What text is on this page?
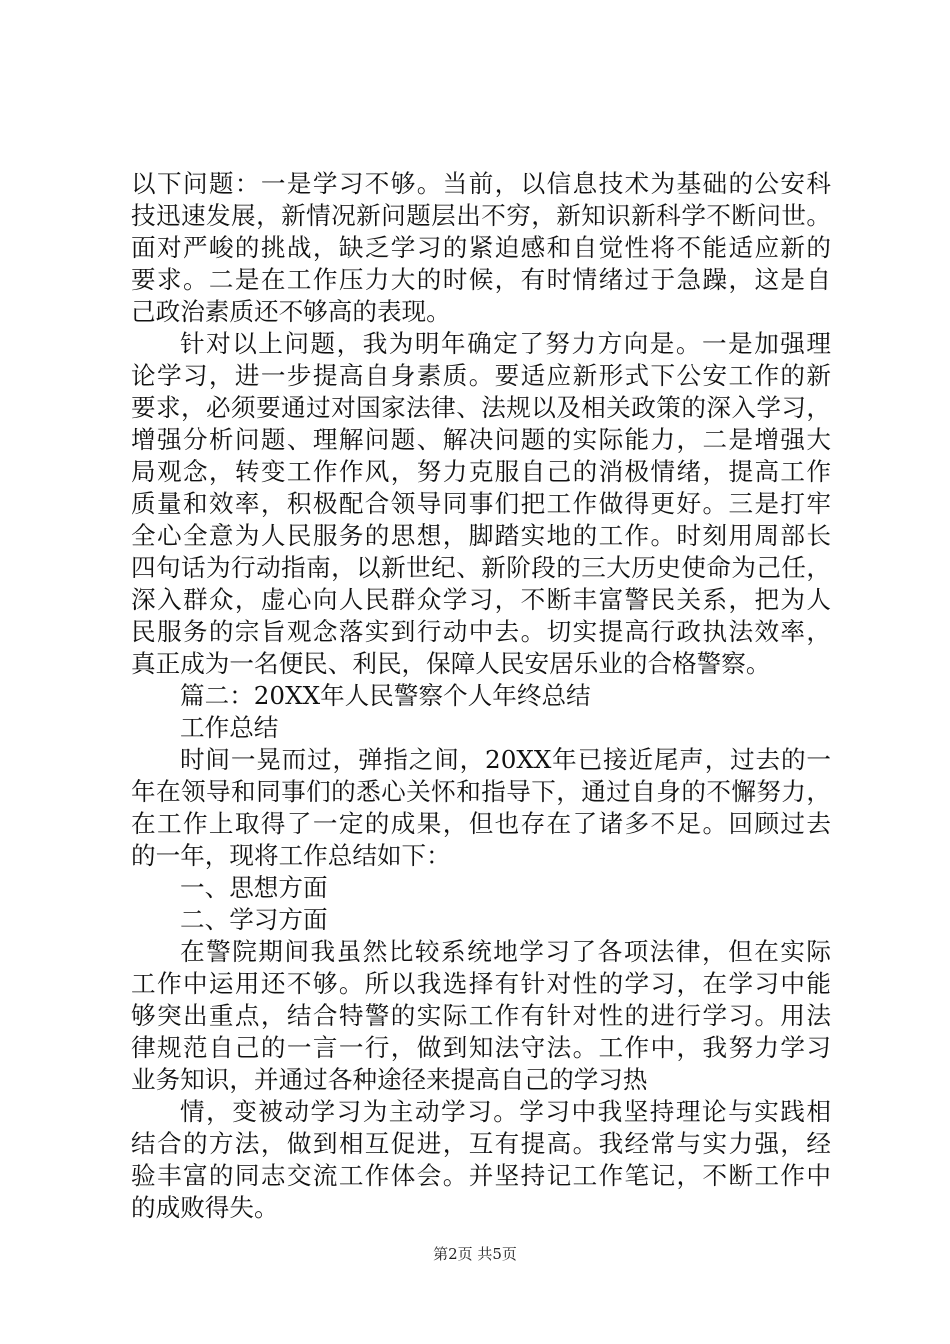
以下问题：一是学习不够。当前，以信息技术为基础的公安科
技迅速发展，新情况新问题层出不穷，新知识新科学不断问世。
面对严峻的挑战，缺乏学习的紧迫感和自觉性将不能适应新的
要求。二是在工作压力大的时候，有时情绪过于急躁，这是自
己政治素质还不够高的表现。
针对以上问题，我为明年确定了努力方向是。一是加强理
论学习，进一步提高自身素质。要适应新形式下公安工作的新
要求，必须要通过对国家法律、法规以及相关政策的深入学习，
增强分析问题、理解问题、解决问题的实际能力，二是增强大
局观念，转变工作作风，努力克服自己的消极情绪，提高工作
质量和效率，积极配合领导同事们把工作做得更好。三是打牢
全心全意为人民服务的思想，脚踏实地的工作。时刻用周部长
四句话为行动指南，以新世纪、新阶段的三大历史使命为己任，
深入群众，虚心向人民群众学习，不断丰富警民关系，把为人
民服务的宗旨观念落实到行动中去。切实提高行政执法效率，
真正成为一名便民、利民，保障人民安居乐业的合格警察。
篇二：20XX年人民警察个人年终总结
工作总结
时间一晃而过，弹指之间，20XX年已接近尾声，过去的一
年在领导和同事们的悉心关怀和指导下，通过自身的不懈努力，
在工作上取得了一定的成果，但也存在了诸多不足。回顾过去
的一年，现将工作总结如下：
一、思想方面
二、学习方面
在警院期间我虽然比较系统地学习了各项法律，但在实际
工作中运用还不够。所以我选择有针对性的学习，在学习中能
够突出重点，结合特警的实际工作有针对性的进行学习。用法
律规范自己的一言一行，做到知法守法。工作中，我努力学习
业务知识，并通过各种途径来提高自己的学习热
情，变被动学习为主动学习。学习中我坚持理论与实践相
结合的方法，做到相互促进，互有提高。我经常与实力强，经
验丰富的同志交流工作体会。并坚持记工作笔记，不断工作中
的成败得失。
第2页 共5页
